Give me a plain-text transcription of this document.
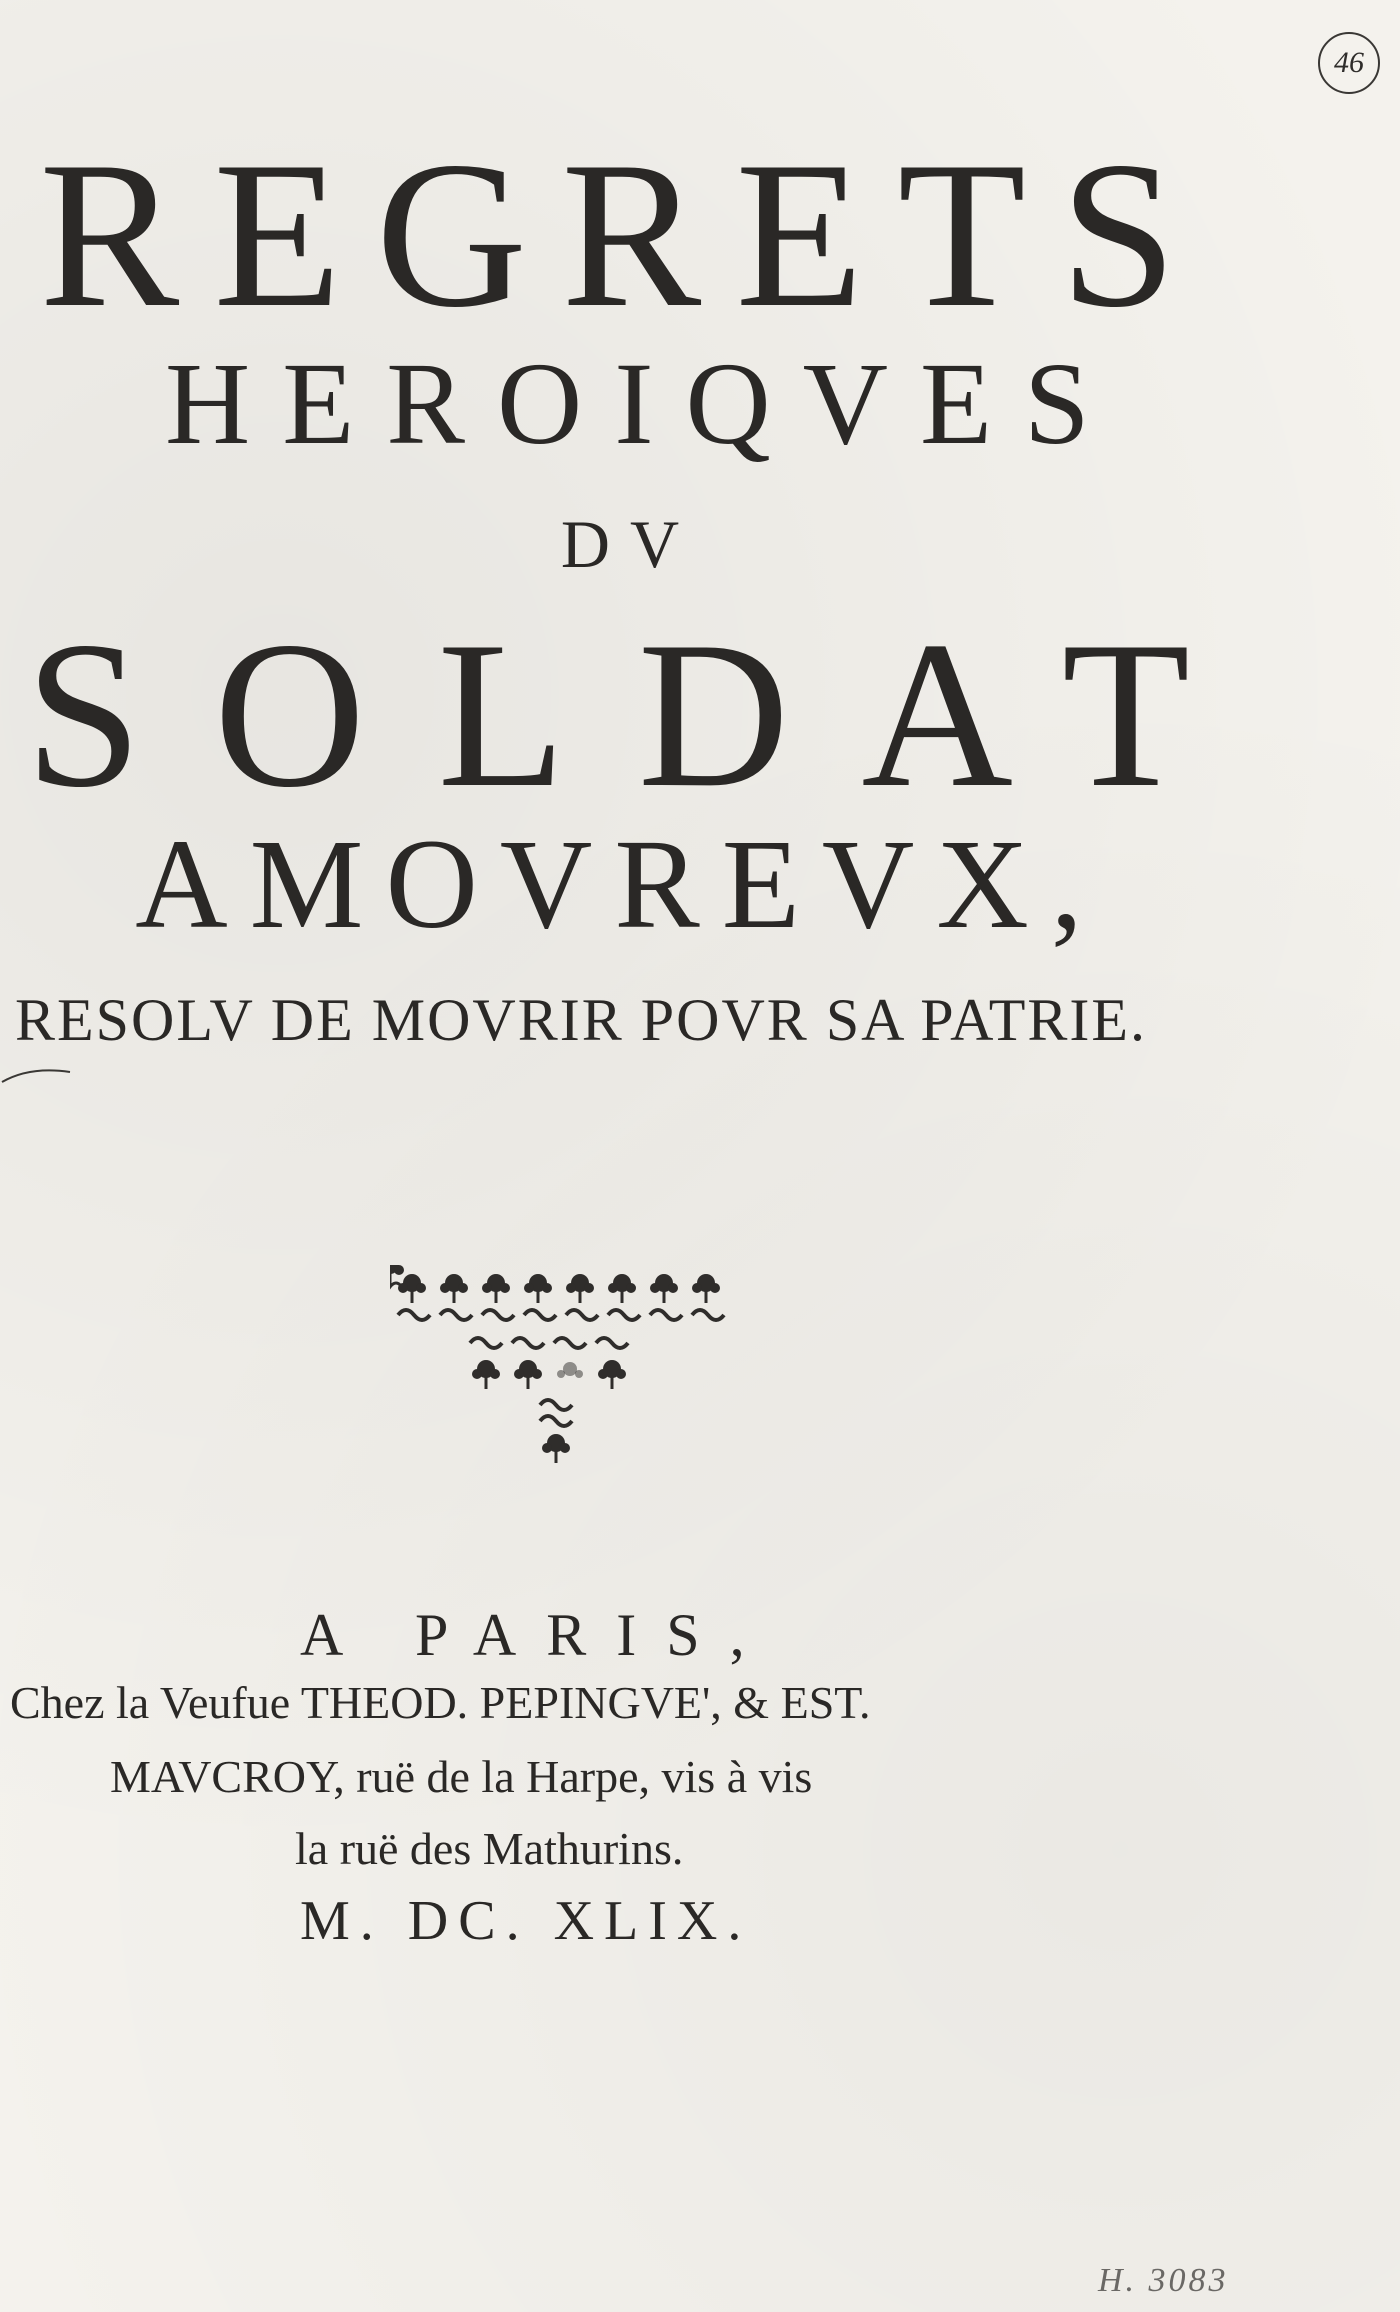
46
REGRETS
HEROIQVES
DV
SOLDAT
AMOVREVX,
RESOLV DE MOVRIR POVR SA PATRIE.
A PARIS,
Chez la Veufue THEOD. PEPINGVE', & EST.
MAVCROY, ruë de la Harpe, vis à vis
la ruë des Mathurins.
M. DC. XLIX.
H. 3083
